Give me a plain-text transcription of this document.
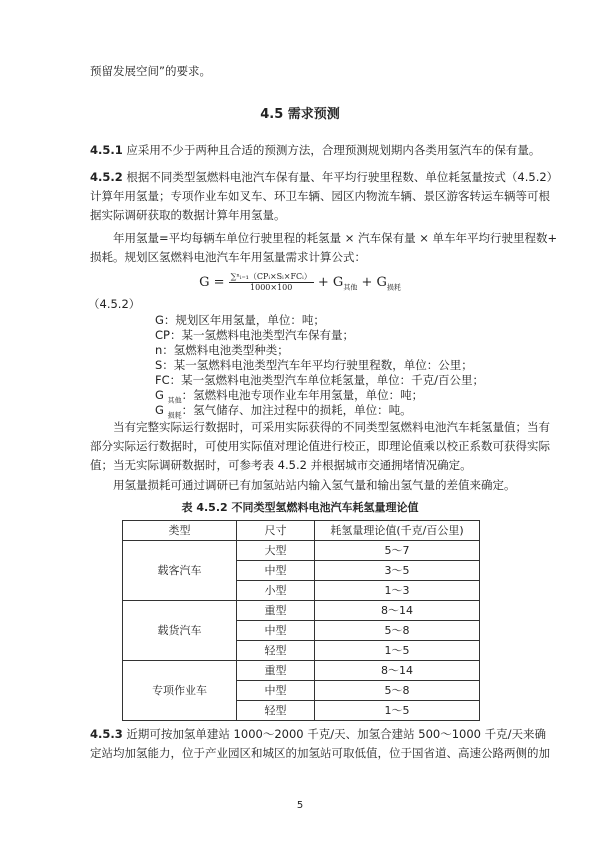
预留发展空间”的要求。
4.5 需求预测
4.5.1 应采用不少于两种且合适的预测方法，合理预测规划期内各类用氢汽车的保有量。
4.5.2 根据不同类型氢燃料电池汽车保有量、年平均行驶里程数、单位耗氢量按式（4.5.2）
计算年用氢量；专项作业车如叉车、环卫车辆、园区内物流车辆、景区游客转运车辆等可根
据实际调研获取的数据计算年用氢量。
年用氢量=平均每辆车单位行驶里程的耗氢量 × 汽车保有量 × 单车年平均行驶里程数+
损耗。规划区氢燃料电池汽车年用氢量需求计算公式：
$G = \frac{\text{∑ⁿᵢ₌₁（CPᵢ×Sᵢ×FCᵢ）}}{1000\times 100} + G_{其他} + G_{损耗}$
（4.5.2）
G：规划区年用氢量，单位：吨；
CP：某一氢燃料电池类型汽车保有量；
n：氢燃料电池类型种类；
S：某一氢燃料电池类型汽车年平均行驶里程数，单位：公里；
FC：某一氢燃料电池类型汽车单位耗氢量，单位：千克/百公里；
G $_{其他}$：氢燃料电池专项作业车年用氢量，单位：吨；
G $_{损耗}$：氢气储存、加注过程中的损耗，单位：吨。
当有完整实际运行数据时，可采用实际获得的不同类型氢燃料电池汽车耗氢量值；当有
部分实际运行数据时，可使用实际值对理论值进行校正，即理论值乘以校正系数可获得实际
值；当无实际调研数据时，可参考表 4.5.2 并根据城市交通拥堵情况确定。
用氢量损耗可通过调研已有加氢站站内输入氢气量和输出氢气量的差值来确定。
表 4.5.2 不同类型氢燃料电池汽车耗氢量理论值
类型	尺寸	耗氢量理论值(千克/百公里)
载客汽车	大型	5～7
	中型	3～5
	小型	1～3
载货汽车	重型	8～14
	中型	5～8
	轻型	1～5
专项作业车	重型	8～14
	中型	5～8
	轻型	1～5
4.5.3 近期可按加氢单建站 1000～2000 千克/天、加氢合建站 500～1000 千克/天来确
定站均加氢能力，位于产业园区和城区的加氢站可取低值，位于国省道、高速公路两侧的加
5
